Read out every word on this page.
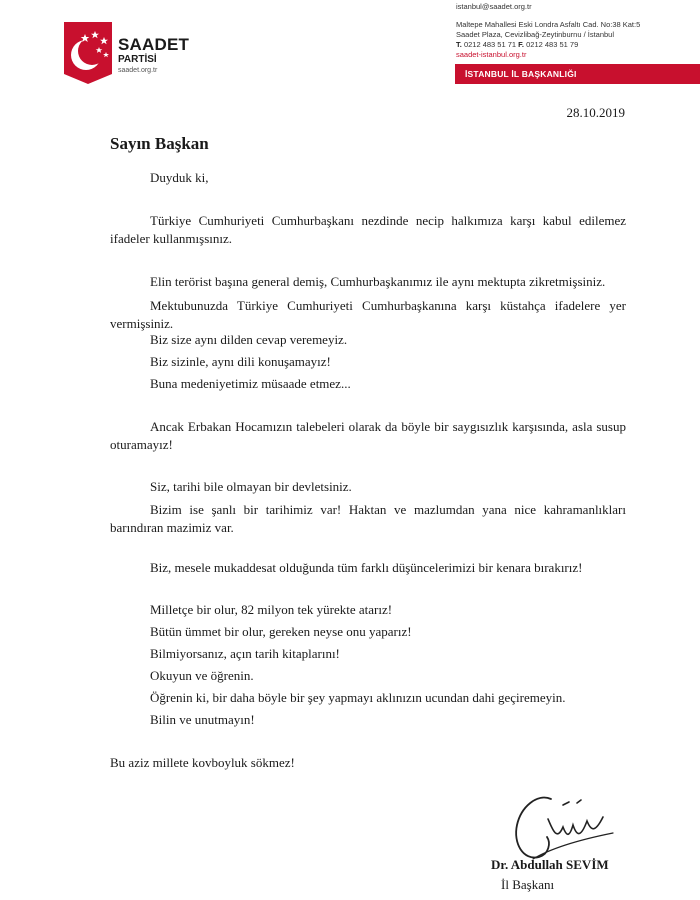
SAADET
PARTİSİ
saadet.org.tr
istanbul@saadet.org.tr
Maltepe Mahallesi Eski Londra Asfaltı Cad. No:38 Kat:5
Saadet Plaza, Cevizlibağ-Zeytinburnu / İstanbul
T. 0212 483 51 71 F. 0212 483 51 79
saadet-istanbul.org.tr
İSTANBUL İL BAŞKANLIĞI
28.10.2019
Sayın Başkan
Duyduk ki,
Türkiye Cumhuriyeti Cumhurbaşkanı nezdinde necip halkımıza karşı kabul edilemez ifadeler kullanmışsınız.
Elin terörist başına general demiş, Cumhurbaşkanımız ile aynı mektupta zikretmişsiniz.
Mektubunuzda Türkiye Cumhuriyeti Cumhurbaşkanına karşı küstahça ifadelere yer vermişsiniz.
Biz size aynı dilden cevap veremeyiz.
Biz sizinle, aynı dili konuşamayız!
Buna medeniyetimiz müsaade etmez...
Ancak Erbakan Hocamızın talebeleri olarak da böyle bir saygısızlık karşısında, asla susup oturamayız!
Siz, tarihi bile olmayan bir devletsiniz.
Bizim ise şanlı bir tarihimiz var! Haktan ve mazlumdan yana nice kahramanlıkları barındıran mazimiz var.
Biz, mesele mukaddesat olduğunda tüm farklı düşüncelerimizi bir kenara bırakırız!
Milletçe bir olur, 82 milyon tek yürekte atarız!
Bütün ümmet bir olur, gereken neyse onu yaparız!
Bilmiyorsanız, açın tarih kitaplarını!
Okuyun ve öğrenin.
Öğrenin ki, bir daha böyle bir şey yapmayı aklınızın ucundan dahi geçiremeyin.
Bilin ve unutmayın!
Bu aziz millete kovboyluk sökmez!
Dr. Abdullah SEVİM
İl Başkanı
